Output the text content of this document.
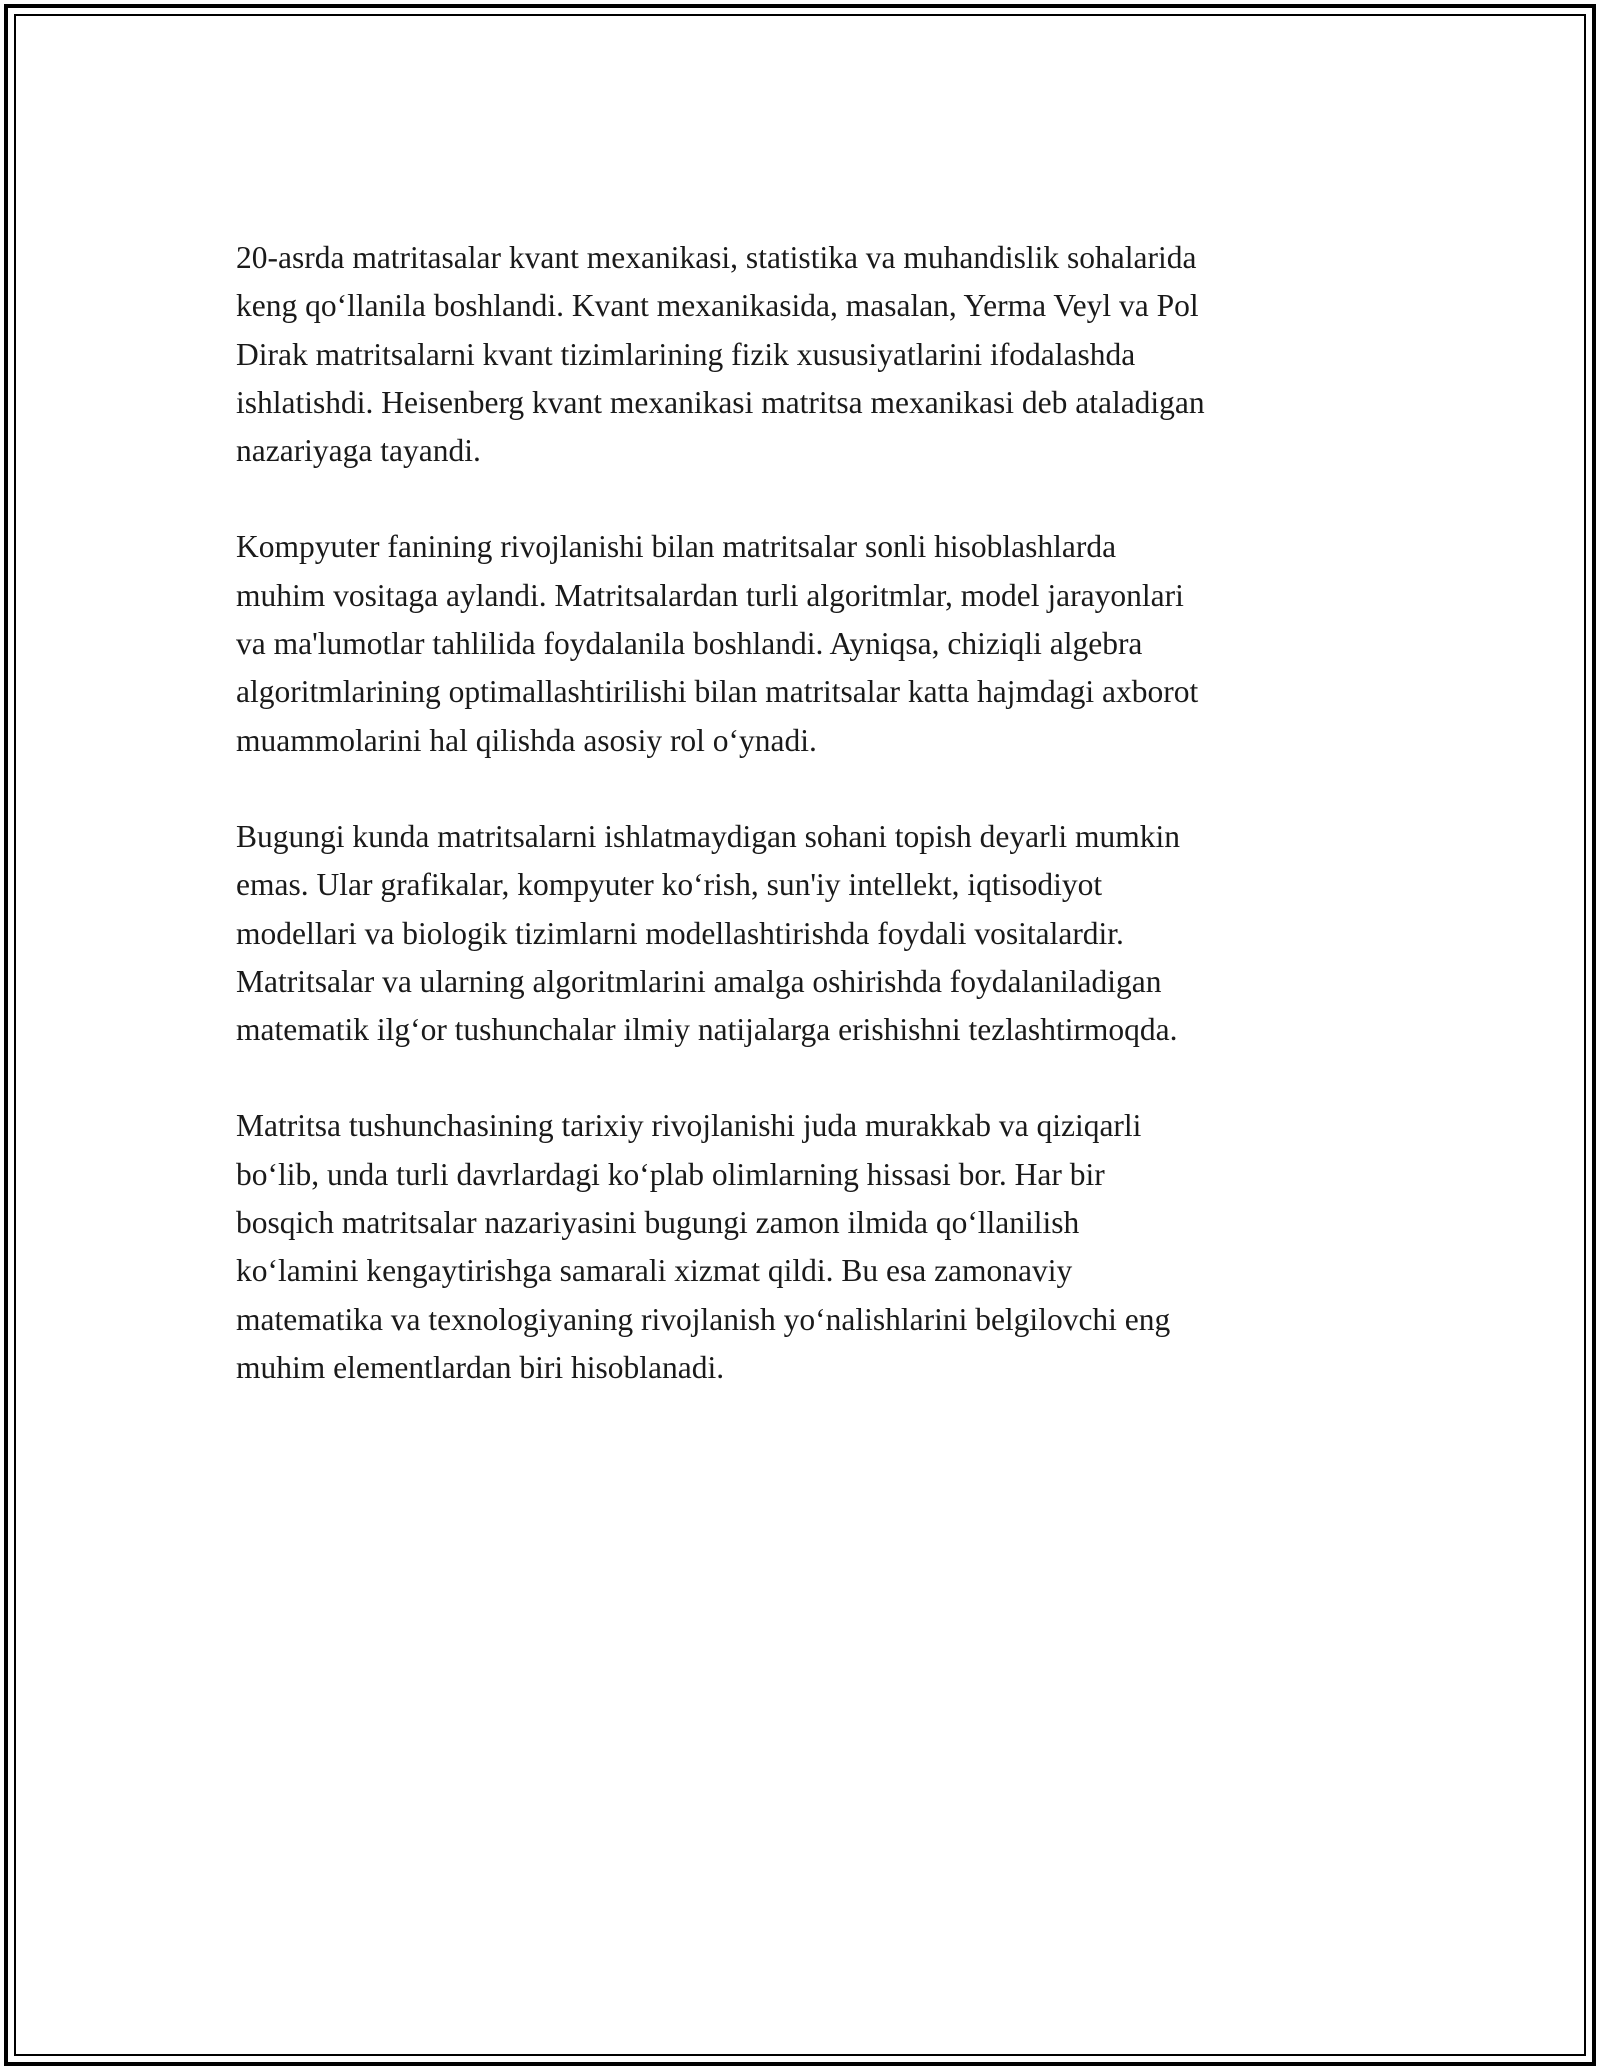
20-asrda matritasalar kvant mexanikasi, statistika va muhandislik sohalarida
keng qo‘llanila boshlandi. Kvant mexanikasida, masalan, Yerma Veyl va Pol
Dirak matritsalarni kvant tizimlarining fizik xususiyatlarini ifodalashda
ishlatishdi. Heisenberg kvant mexanikasi matritsa mexanikasi deb ataladigan
nazariyaga tayandi.

Kompyuter fanining rivojlanishi bilan matritsalar sonli hisoblashlarda
muhim vositaga aylandi. Matritsalardan turli algoritmlar, model jarayonlari
va ma'lumotlar tahlilida foydalanila boshlandi. Ayniqsa, chiziqli algebra
algoritmlarining optimallashtirilishi bilan matritsalar katta hajmdagi axborot
muammolarini hal qilishda asosiy rol o‘ynadi.

Bugungi kunda matritsalarni ishlatmaydigan sohani topish deyarli mumkin
emas. Ular grafikalar, kompyuter ko‘rish, sun'iy intellekt, iqtisodiyot
modellari va biologik tizimlarni modellashtirishda foydali vositalardir.
Matritsalar va ularning algoritmlarini amalga oshirishda foydalaniladigan
matematik ilg‘or tushunchalar ilmiy natijalarga erishishni tezlashtirmoqda.

Matritsa tushunchasining tarixiy rivojlanishi juda murakkab va qiziqarli
bo‘lib, unda turli davrlardagi ko‘plab olimlarning hissasi bor. Har bir
bosqich matritsalar nazariyasini bugungi zamon ilmida qo‘llanilish
ko‘lamini kengaytirishga samarali xizmat qildi. Bu esa zamonaviy
matematika va texnologiyaning rivojlanish yo‘nalishlarini belgilovchi eng
muhim elementlardan biri hisoblanadi.
